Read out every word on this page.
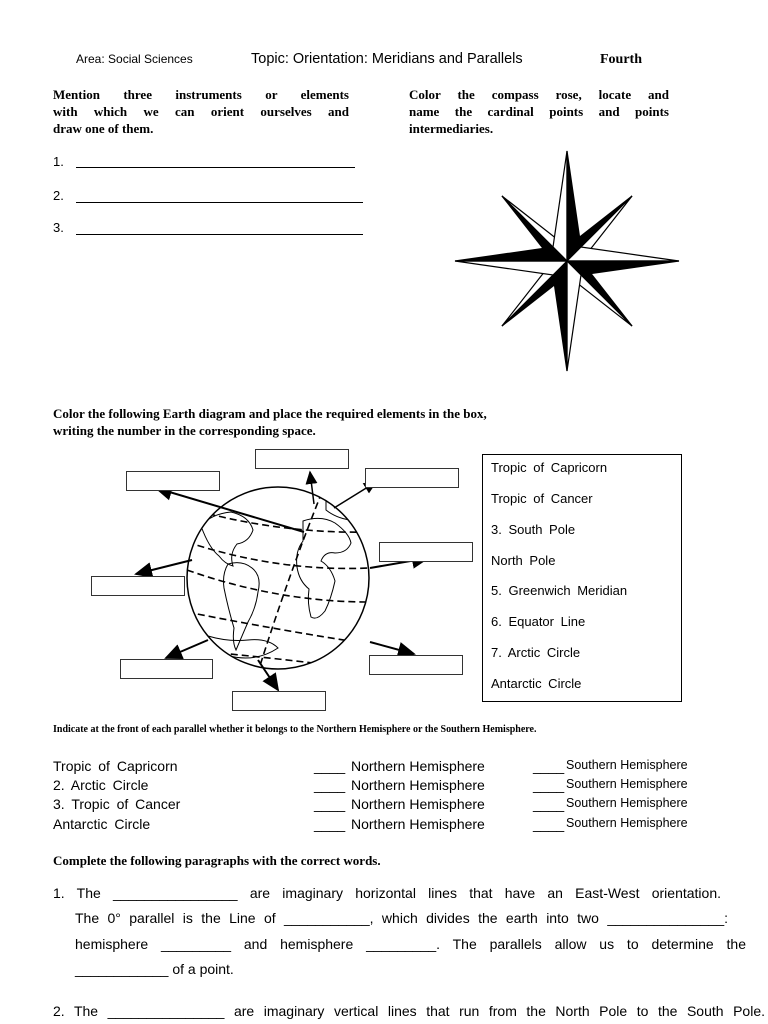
Area: Social Sciences	Topic: Orientation: Meridians and Parallels	Fourth
Mention three instruments or elements
with which we can orient ourselves and
draw one of them.
1.
2.
3.
Color the compass rose, locate and
name the cardinal points and points
intermediaries.
Color the following Earth diagram and place the required elements in the box,
writing the number in the corresponding space.
Tropic of Capricorn
Tropic of Cancer
3. South Pole
North Pole
5. Greenwich Meridian
6. Equator Line
7. Arctic Circle
Antarctic Circle
Indicate at the front of each parallel whether it belongs to the Northern Hemisphere or the Southern Hemisphere.
Tropic of Capricorn	____ Northern Hemisphere	____ Southern Hemisphere
2. Arctic Circle	____ Northern Hemisphere	____ Southern Hemisphere
3. Tropic of Cancer	____ Northern Hemisphere	____ Southern Hemisphere
Antarctic Circle	____ Northern Hemisphere	____ Southern Hemisphere
Complete the following paragraphs with the correct words.
1. The ________________ are imaginary horizontal lines that have an East-West orientation.
The 0° parallel is the Line of ___________, which divides the earth into two _______________:
hemisphere _________ and hemisphere _________. The parallels allow us to determine the
____________ of a point.
2. The _______________ are imaginary vertical lines that run from the North Pole to the South Pole.
